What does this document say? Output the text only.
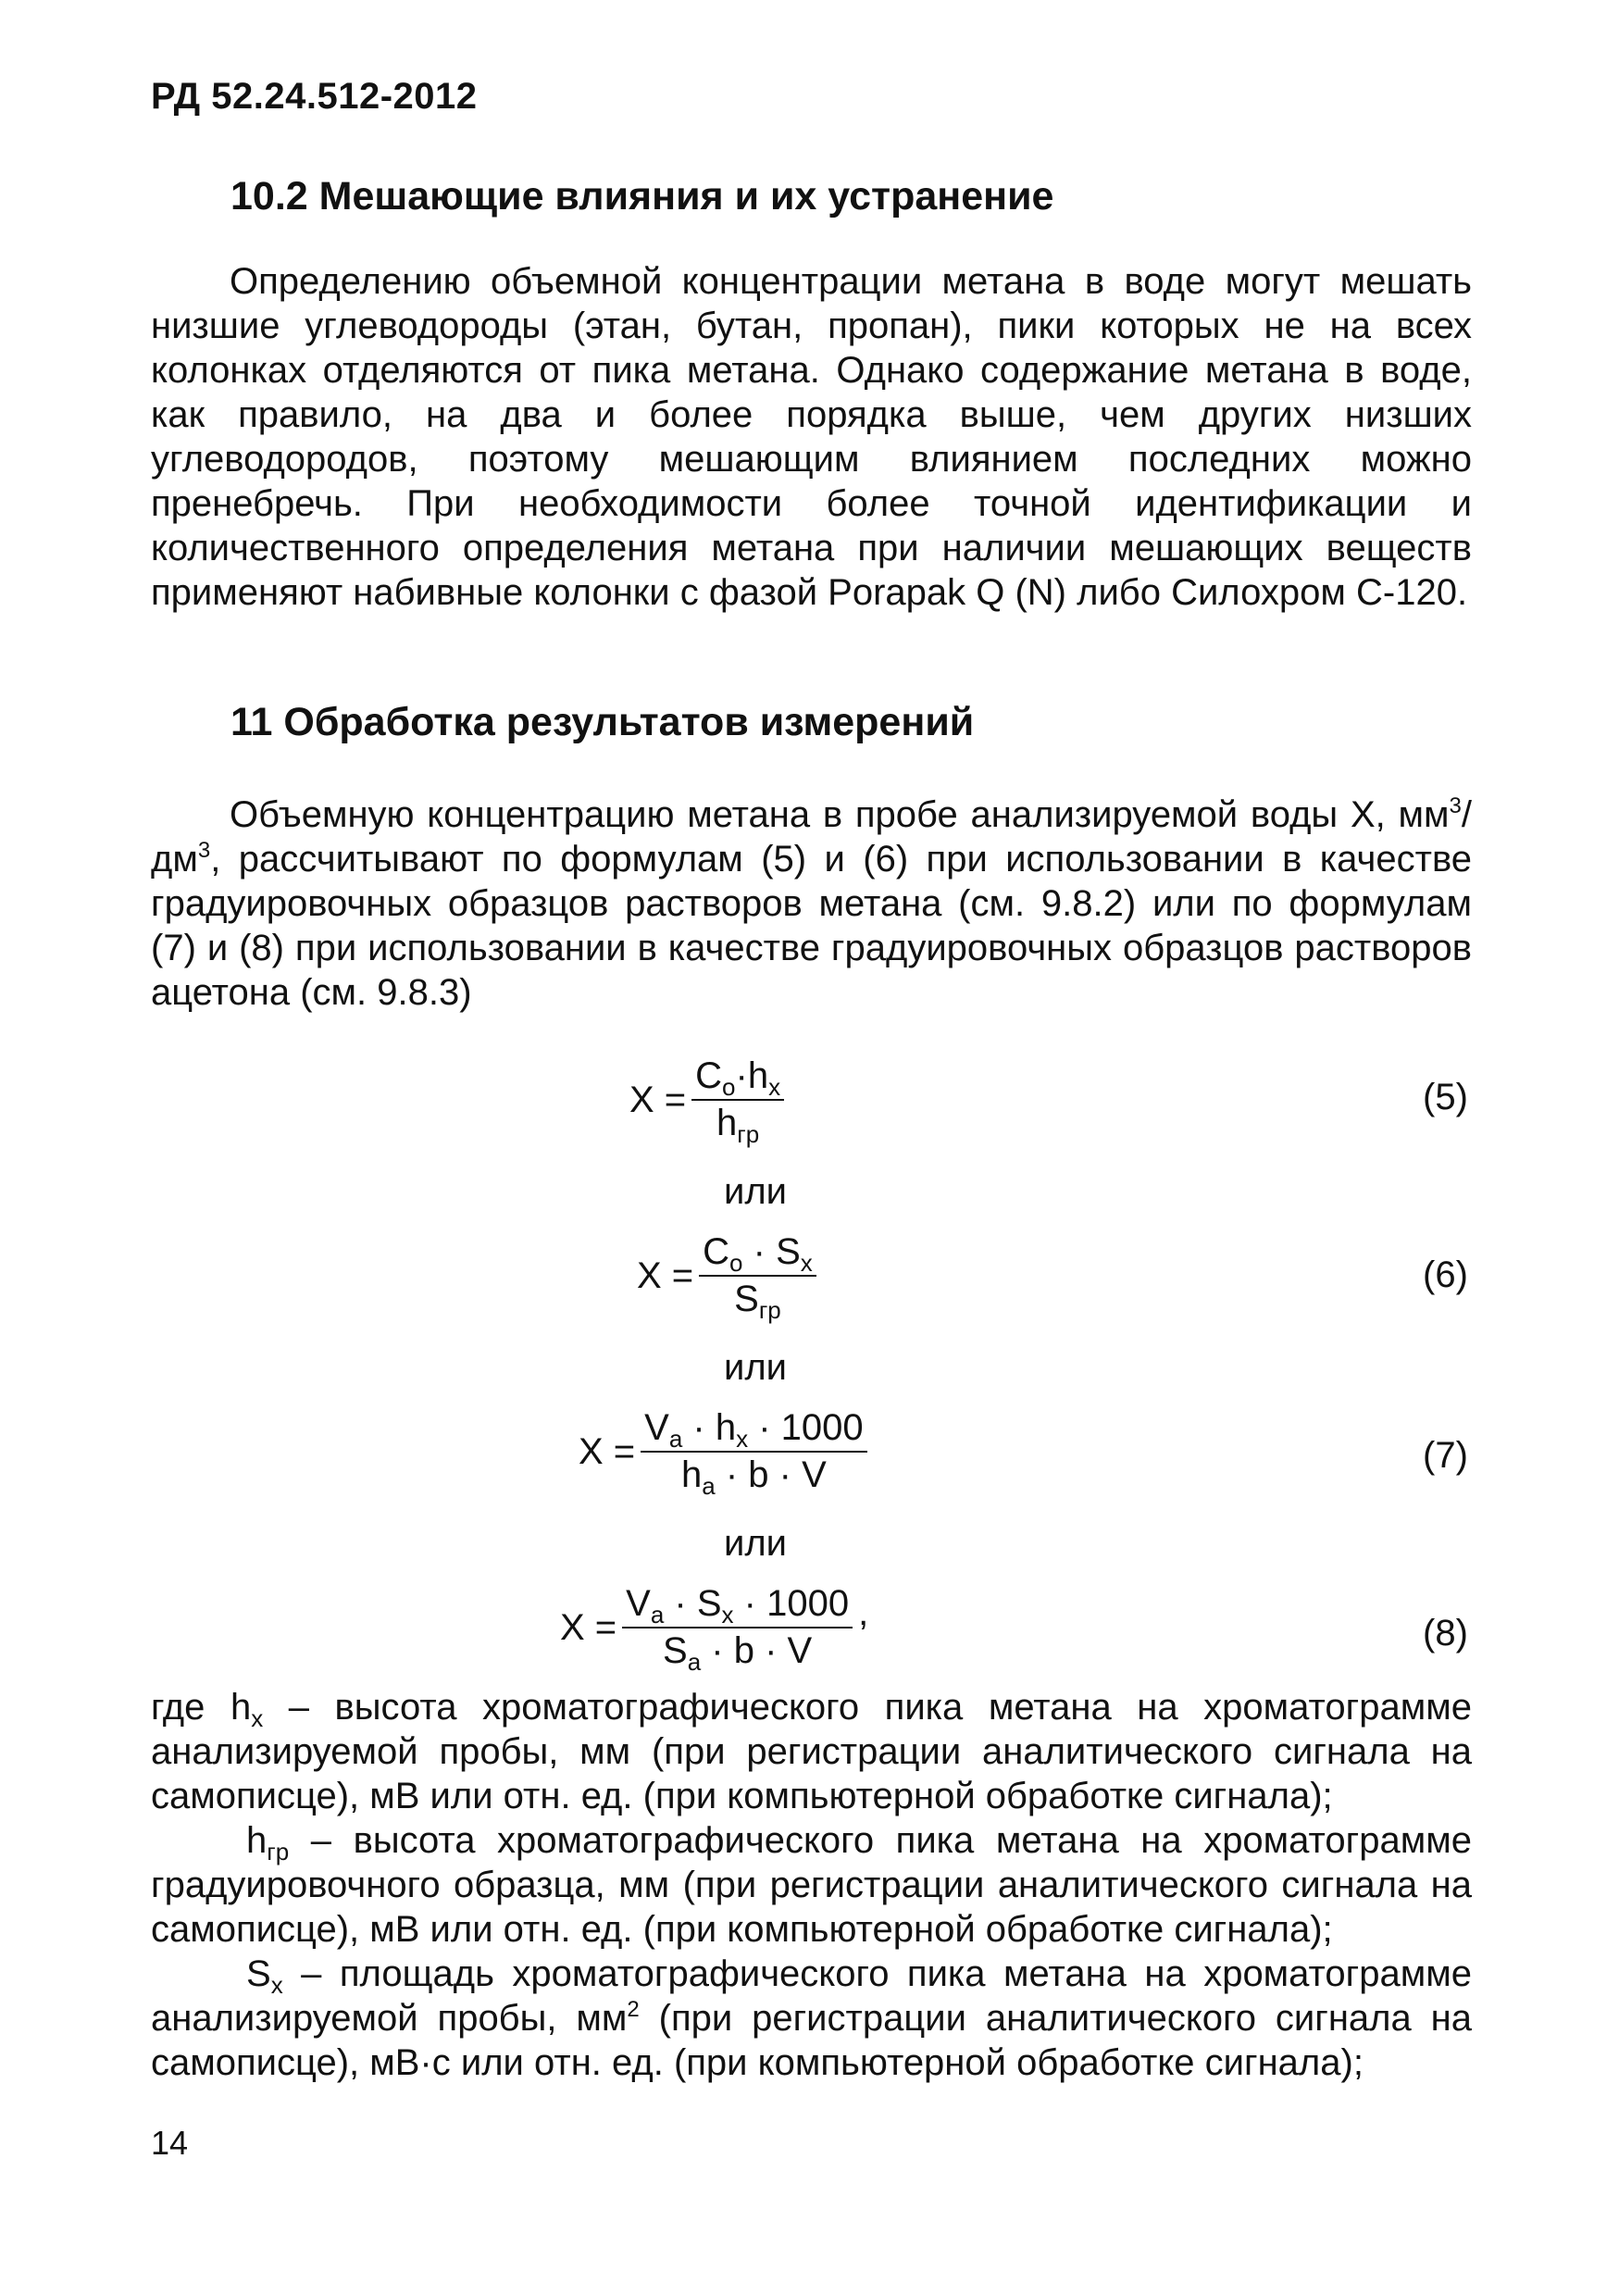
РД 52.24.512-2012
10.2 Мешающие влияния и их устранение

Определению объемной концентрации метана в воде могут мешать низшие углеводороды (этан, бутан, пропан), пики которых не на всех колонках отделяются от пика метана. Однако содержание метана в воде, как правило, на два и более порядка выше, чем других низших углеводородов, поэтому мешающим влиянием последних можно пренебречь. При необходимости более точной идентификации и количественного определения метана при наличии мешающих веществ применяют набивные колонки с фазой Porapak Q (N) либо Силохром С-120.

11 Обработка результатов измерений

Объемную концентрацию метана в пробе анализируемой воды X, $мм^3/дм^3$, рассчитывают по формулам (5) и (6) при использовании в качестве градуировочных образцов растворов метана (см. 9.8.2) или по формулам (7) и (8) при использовании в качестве градуировочных образцов растворов ацетона (см. 9.8.3)

$X = \frac{C_o\cdot h_x}{h_{гр}}$	(5)
или
$X = \frac{C_o \cdot S_x}{S_{гр}}$	(6)
или
$X = \frac{V_a \cdot h_x \cdot 1000}{h_a \cdot b \cdot V}$	(7)
или
$X = \frac{V_a \cdot S_x \cdot 1000}{S_a \cdot b \cdot V}$ ,	(8)

где $h_x$ – высота хроматографического пика метана на хроматограмме анализируемой пробы, мм (при регистрации аналитического сигнала на самописце), мВ или отн. ед. (при компьютерной обработке сигнала);

$h_{гр}$ – высота хроматографического пика метана на хроматограмме градуировочного образца, мм (при регистрации аналитического сигнала на самописце), мВ или отн. ед. (при компьютерной обработке сигнала);

$S_x$ – площадь хроматографического пика метана на хроматограмме анализируемой пробы, $мм^2$ (при регистрации аналитического сигнала на самописце), мВ·с или отн. ед. (при компьютерной обработке сигнала);

14
